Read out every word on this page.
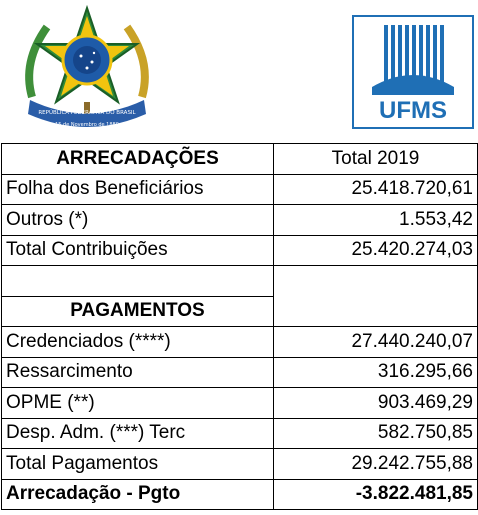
REPÚBLICA FEDERATIVA DO BRASIL
15 de Novembro de 1889
UFMS
ARRECADAÇÕES	Total 2019
Folha dos Beneficiários	25.418.720,61
Outros (*)	1.553,42
Total Contribuições	25.420.274,03

PAGAMENTOS	
Credenciados (****)	27.440.240,07
Ressarcimento	316.295,66
OPME (**)	903.469,29
Desp. Adm. (***) Terc	582.750,85
Total Pagamentos	29.242.755,88
Arrecadação - Pgto	-3.822.481,85
